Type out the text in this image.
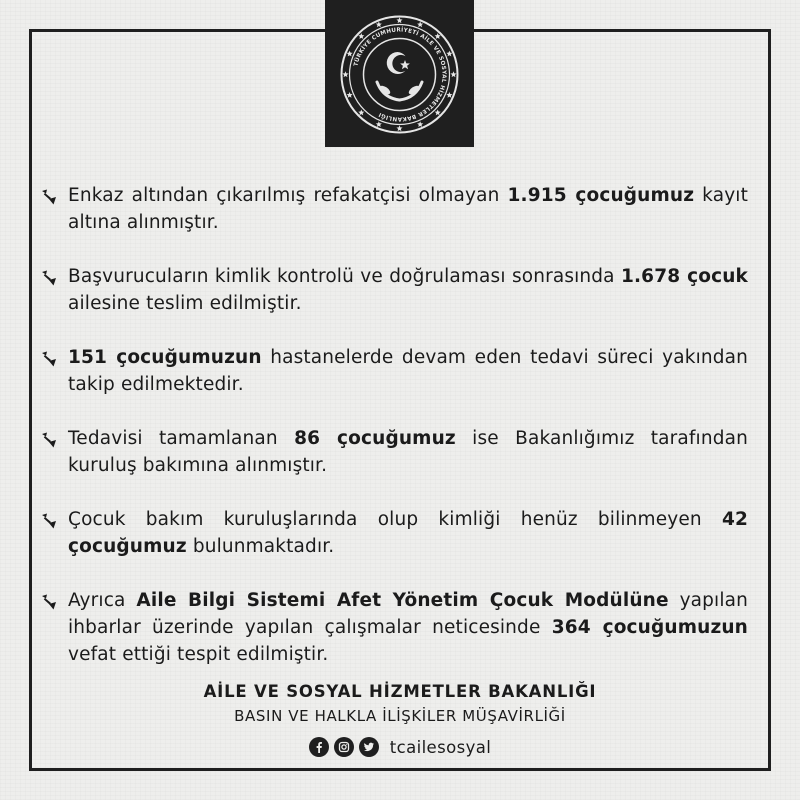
TÜRKİYE CUMHURİYETİ AİLE VE SOSYAL HİZMETLER BAKANLIĞI
Enkaz altından çıkarılmış refakatçisi olmayan 1.915 çocuğumuz kayıt altına alınmıştır.
Başvurucuların kimlik kontrolü ve doğrulaması sonrasında 1.678 çocuk ailesine teslim edilmiştir.
151 çocuğumuzun hastanelerde devam eden tedavi süreci yakından takip edilmektedir.
Tedavisi tamamlanan 86 çocuğumuz ise Bakanlığımız tarafından kuruluş bakımına alınmıştır.
Çocuk bakım kuruluşlarında olup kimliği henüz bilinmeyen 42 çocuğumuz bulunmaktadır.
Ayrıca Aile Bilgi Sistemi Afet Yönetim Çocuk Modülüne yapılan ihbarlar üzerinde yapılan çalışmalar neticesinde 364 çocuğumuzun vefat ettiği tespit edilmiştir.
AİLE VE SOSYAL HİZMETLER BAKANLIĞI
BASIN VE HALKLA İLİŞKİLER MÜŞAVİRLİĞİ
tcailesosyal
